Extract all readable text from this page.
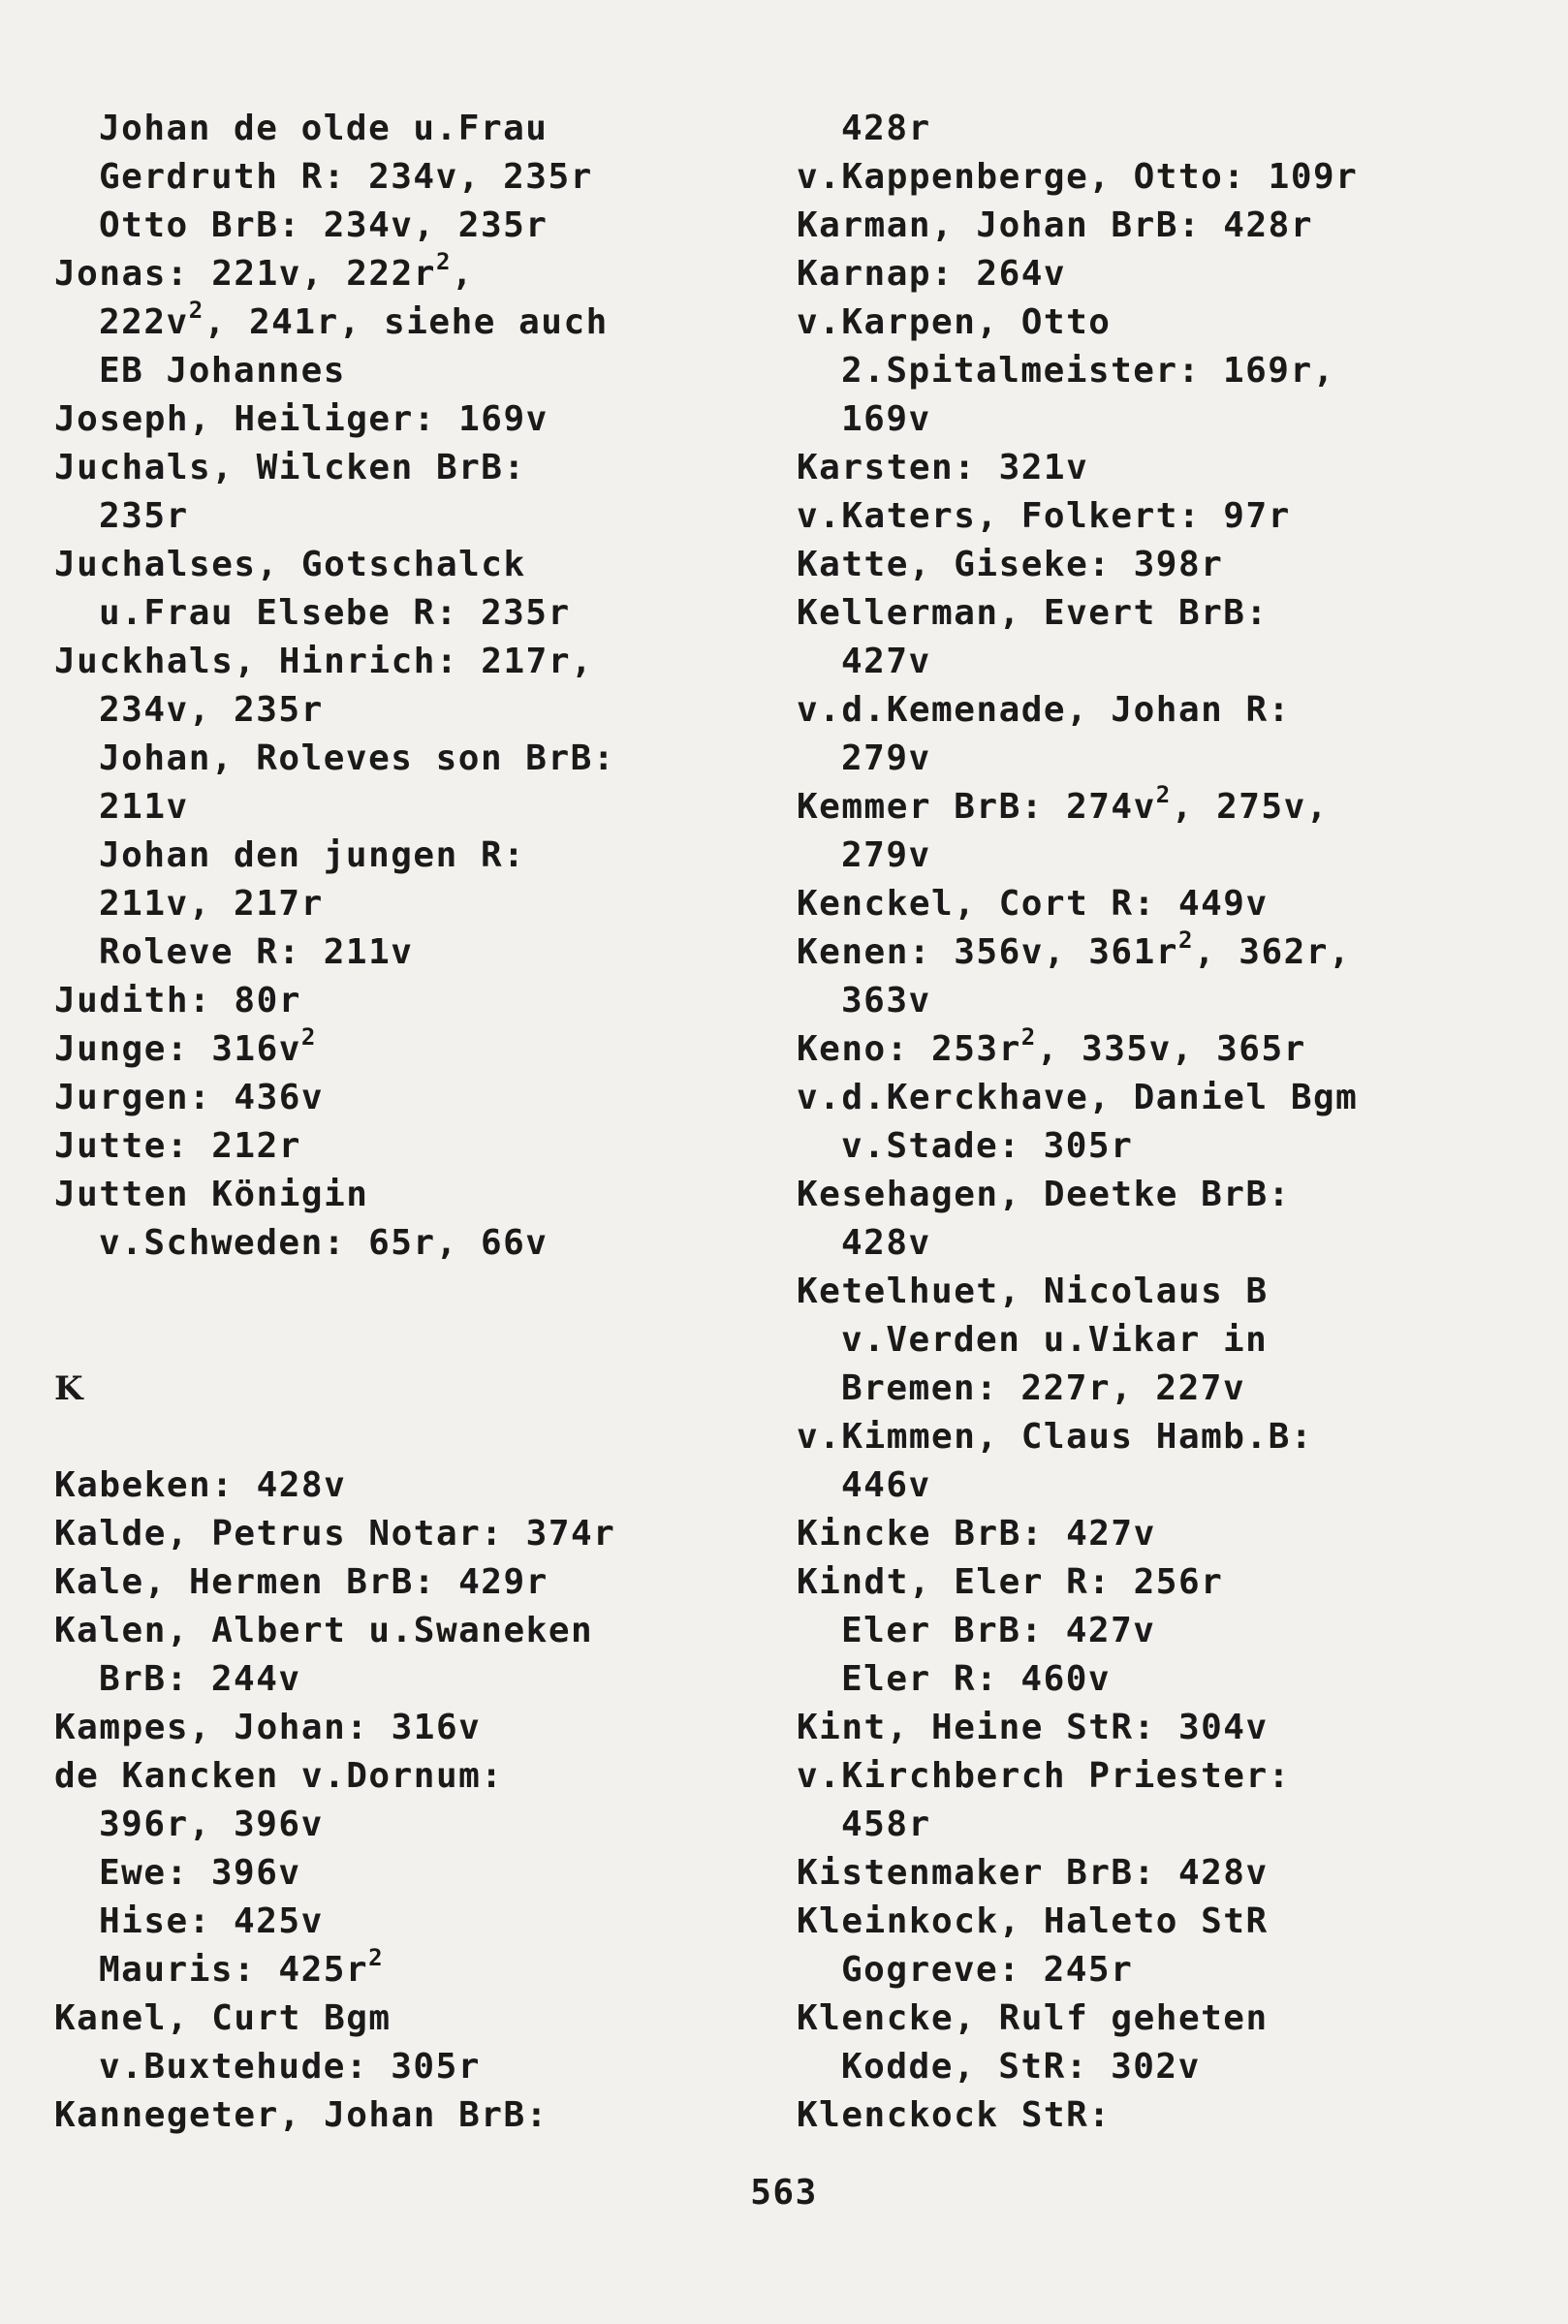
Johan de olde u.Frau
Gerdruth R: 234v, 235r
Otto BrB: 234v, 235r
Jonas: 221v, $222r^2$,
$222v^2$, 241r, siehe auch
EB Johannes
Joseph, Heiliger: 169v
Juchals, Wilcken BrB:
235r
Juchalses, Gotschalck
u.Frau Elsebe R: 235r
Juckhals, Hinrich: 217r,
234v, 235r
Johan, Roleves son BrB:
211v
Johan den jungen R:
211v, 217r
Roleve R: 211v
Judith: 80r
Junge: $316v^2$
Jurgen: 436v
Jutte: 212r
Jutten Königin
v.Schweden: 65r, 66v
K
Kabeken: 428v
Kalde, Petrus Notar: 374r
Kale, Hermen BrB: 429r
Kalen, Albert u.Swaneken
BrB: 244v
Kampes, Johan: 316v
de Kancken v.Dornum:
396r, 396v
Ewe: 396v
Hise: 425v
Mauris: $425r^2$
Kanel, Curt Bgm
v.Buxtehude: 305r
Kannegeter, Johan BrB:
428r
v.Kappenberge, Otto: 109r
Karman, Johan BrB: 428r
Karnap: 264v
v.Karpen, Otto
2.Spitalmeister: 169r,
169v
Karsten: 321v
v.Katers, Folkert: 97r
Katte, Giseke: 398r
Kellerman, Evert BrB:
427v
v.d.Kemenade, Johan R:
279v
Kemmer BrB: $274v^2$, 275v,
279v
Kenckel, Cort R: 449v
Kenen: 356v, $361r^2$, 362r,
363v
Keno: $253r^2$, 335v, 365r
v.d.Kerckhave, Daniel Bgm
v.Stade: 305r
Kesehagen, Deetke BrB:
428v
Ketelhuet, Nicolaus B
v.Verden u.Vikar in
Bremen: 227r, 227v
v.Kimmen, Claus Hamb.B:
446v
Kincke BrB: 427v
Kindt, Eler R: 256r
Eler BrB: 427v
Eler R: 460v
Kint, Heine StR: 304v
v.Kirchberch Priester:
458r
Kistenmaker BrB: 428v
Kleinkock, Haleto StR
Gogreve: 245r
Klencke, Rulf geheten
Kodde, StR: 302v
Klenckock StR:
563
